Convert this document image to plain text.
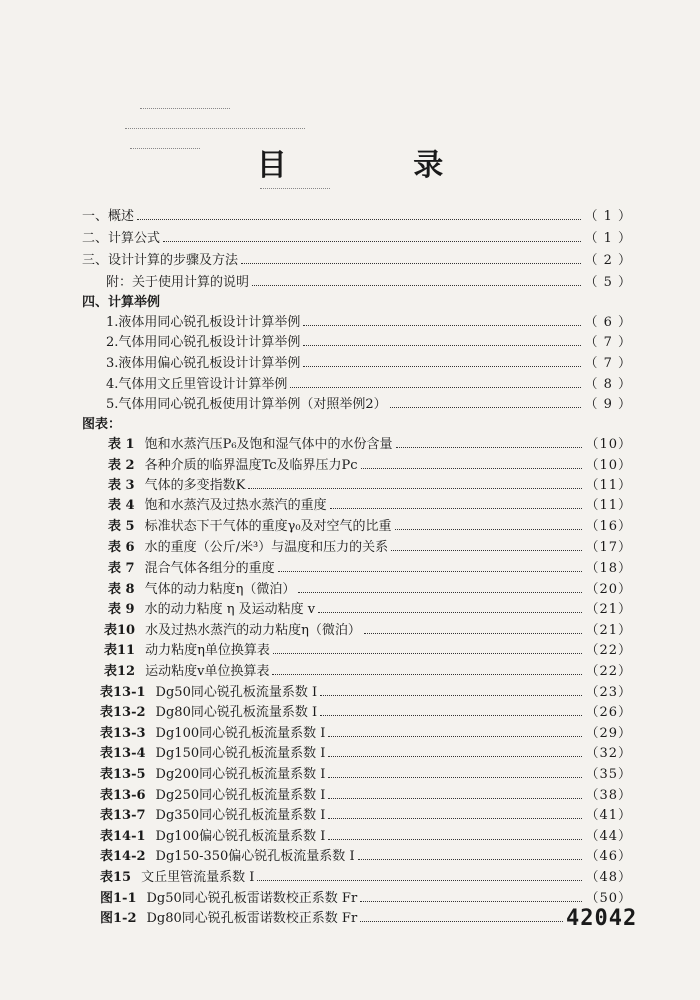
目 录
一、概述	（ 1 ）
二、计算公式	（ 1 ）
三、设计计算的步骤及方法	（ 2 ）
附：关于使用计算的说明	（ 5 ）
四、计算举例
1.液体用同心锐孔板设计计算举例	（ 6 ）
2.气体用同心锐孔板设计计算举例	（ 7 ）
3.液体用偏心锐孔板设计计算举例	（ 7 ）
4.气体用文丘里管设计计算举例	（ 8 ）
5.气体用同心锐孔板使用计算举例（对照举例2）	（ 9 ）
图表：
表 1 饱和水蒸汽压P₆及饱和湿气体中的水份含量	（10）
表 2 各种介质的临界温度Tc及临界压力Pc	（10）
表 3 气体的多变指数K	（11）
表 4 饱和水蒸汽及过热水蒸汽的重度	（11）
表 5 标准状态下干气体的重度γ₀及对空气的比重	（16）
表 6 水的重度（公斤/米³）与温度和压力的关系	（17）
表 7 混合气体各组分的重度	（18）
表 8 气体的动力粘度η（微泊）	（20）
表 9 水的动力粘度 η 及运动粘度 v	（21）
表10 水及过热水蒸汽的动力粘度η（微泊）	（21）
表11 动力粘度η单位换算表	（22）
表12 运动粘度v单位换算表	（22）
表13-1 Dg50同心锐孔板流量系数 I	（23）
表13-2 Dg80同心锐孔板流量系数 I	（26）
表13-3 Dg100同心锐孔板流量系数 I	（29）
表13-4 Dg150同心锐孔板流量系数 I	（32）
表13-5 Dg200同心锐孔板流量系数 I	（35）
表13-6 Dg250同心锐孔板流量系数 I	（38）
表13-7 Dg350同心锐孔板流量系数 I	（41）
表14-1 Dg100偏心锐孔板流量系数 I	（44）
表14-2 Dg150-350偏心锐孔板流量系数 I	（46）
表15 文丘里管流量系数 I	（48）
图1-1 Dg50同心锐孔板雷诺数校正系数 Fr	（50）
图1-2 Dg80同心锐孔板雷诺数校正系数 Fr	42042
